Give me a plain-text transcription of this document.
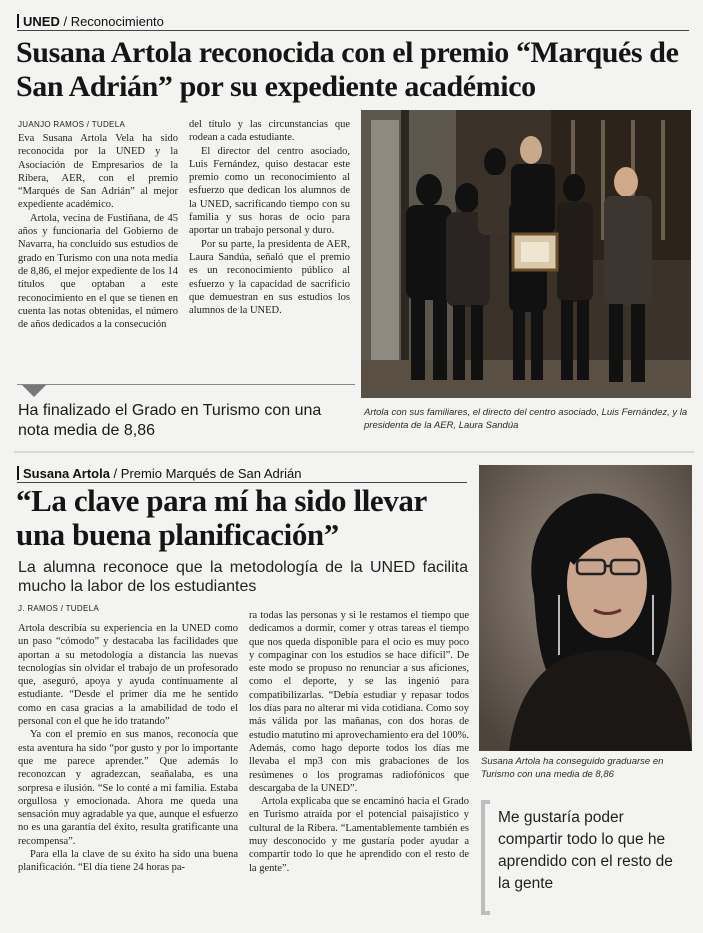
UNED / Reconocimiento
Susana Artola reconocida con el premio “Marqués de San Adrián” por su expediente académico
JUANJO RAMOS / TUDELA

Eva Susana Artola Vela ha sido reconocida por la UNED y la Asociación de Empresarios de la Ribera, AER, con el premio “Marqués de San Adrián” al mejor expediente académico.

Artola, vecina de Fustiñana, de 45 años y funcionaria del Gobierno de Navarra, ha concluido sus estudios de grado en Turismo con una nota media de 8,86, el mejor expediente de los 14 títulos que optaban a este reconocimiento en el que se tienen en cuenta las notas obtenidas, el número de años dedicados a la consecución

del título y las circunstancias que rodean a cada estudiante.

El director del centro asociado, Luis Fernández, quiso destacar este premio como un reconocimiento al esfuerzo que dedican los alumnos de la UNED, sacrificando tiempo con su familia y sus horas de ocio para aportar un trabajo personal y duro.

Por su parte, la presidenta de AER, Laura Sandúa, señaló que el premio es un reconocimiento público al esfuerzo y la capacidad de sacrificio que demuestran en sus estudios los alumnos de la UNED.

Ha finalizado el Grado en Turismo con una nota media de 8,86
Artola con sus familiares, el directo del centro asociado, Luis Fernández, y la presidenta de la AER, Laura Sandúa
Susana Artola / Premio Marqués de San Adrián
“La clave para mí ha sido llevar una buena planificación”
La alumna reconoce que la metodología de la UNED facilita mucho la labor de los estudiantes
J. RAMOS / TUDELA

Artola describía su experiencia en la UNED como un paso “cómodo” y destacaba las facilidades que aportan a su metodología a distancia las nuevas tecnologías sin olvidar el trabajo de un profesorado que, aseguró, apoya y ayuda continuamente al estudiante. “Desde el primer día me he sentido como en casa gracias a la amabilidad de todo el personal con el que he ido tratando”

Ya con el premio en sus manos, reconocía que esta aventura ha sido “por gusto y por lo importante que me parece aprender.” Que además lo reconozcan y agradezcan, seañalaba, es una sorpresa e ilusión. “Se lo conté a mi familia. Estaba orgullosa y emocionada. Ahora me queda una sensación muy agradable ya que, aunque el esfuerzo no es una garantía del éxito, resulta gratificante una recompensa”.

Para ella la clave de su éxito ha sido una buena planificación. “El día tiene 24 horas pa-

ra todas las personas y si le restamos el tiempo que dedicamos a dormir, comer y otras tareas el tiempo que nos queda disponible para el ocio es muy poco y compaginar con los estudios se hace difícil”. De este modo se propuso no renunciar a sus aficiones, como el deporte, y se las ingenió para compatibilizarlas. “Debía estudiar y repasar todos los días para no alterar mi vida cotidiana. Como soy más válida por las mañanas, con dos horas de estudio matutino mi aprovechamiento era del 100%. Además, como hago deporte todos los días me llevaba el mp3 con mis grabaciones de los resúmenes o los programas radiofónicos que descargaba de la UNED”.

Artola explicaba que se encaminó hacia el Grado en Turismo atraída por el potencial paisajístico y cultural de la Ribera. “Lamentablemente también es muy desconocido y me gustaría poder ayudar a compartir todo lo que he aprendido con el resto de la gente”.

Susana Artola ha conseguido graduarse en Turismo con una media de 8,86
Me gustaría poder compartir todo lo que he aprendido con el resto de la gente
